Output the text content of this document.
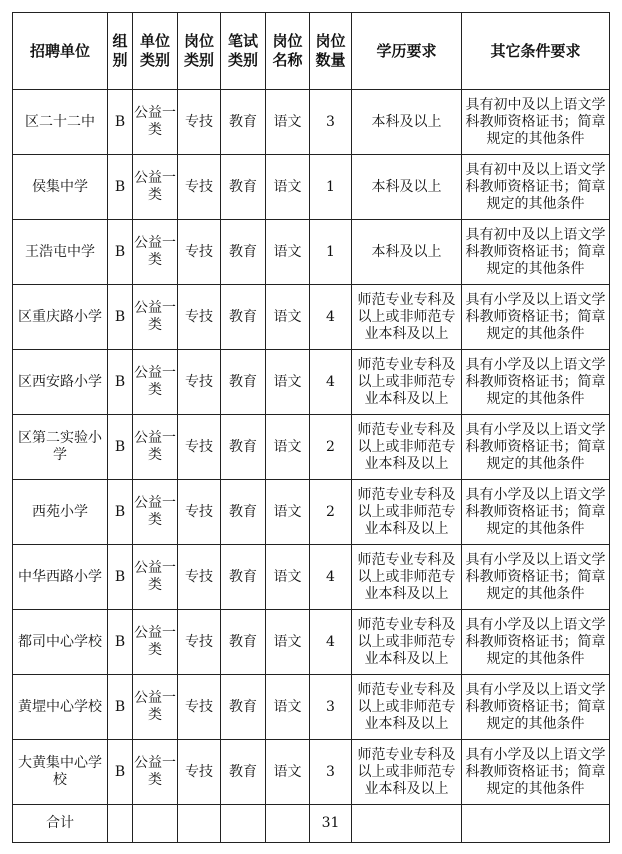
招聘单位	组别	单位类别	岗位类别	笔试类别	岗位名称	岗位数量	学历要求	其它条件要求
区二十二中	B	公益一类	专技	教育	语文	3	本科及以上	具有初中及以上语文学科教师资格证书；简章规定的其他条件
侯集中学	B	公益一类	专技	教育	语文	1	本科及以上	具有初中及以上语文学科教师资格证书；简章规定的其他条件
王浩屯中学	B	公益一类	专技	教育	语文	1	本科及以上	具有初中及以上语文学科教师资格证书；简章规定的其他条件
区重庆路小学	B	公益一类	专技	教育	语文	4	师范专业专科及以上或非师范专业本科及以上	具有小学及以上语文学科教师资格证书；简章规定的其他条件
区西安路小学	B	公益一类	专技	教育	语文	4	师范专业专科及以上或非师范专业本科及以上	具有小学及以上语文学科教师资格证书；简章规定的其他条件
区第二实验小学	B	公益一类	专技	教育	语文	2	师范专业专科及以上或非师范专业本科及以上	具有小学及以上语文学科教师资格证书；简章规定的其他条件
西苑小学	B	公益一类	专技	教育	语文	2	师范专业专科及以上或非师范专业本科及以上	具有小学及以上语文学科教师资格证书；简章规定的其他条件
中华西路小学	B	公益一类	专技	教育	语文	4	师范专业专科及以上或非师范专业本科及以上	具有小学及以上语文学科教师资格证书；简章规定的其他条件
都司中心学校	B	公益一类	专技	教育	语文	4	师范专业专科及以上或非师范专业本科及以上	具有小学及以上语文学科教师资格证书；简章规定的其他条件
黄堽中心学校	B	公益一类	专技	教育	语文	3	师范专业专科及以上或非师范专业本科及以上	具有小学及以上语文学科教师资格证书；简章规定的其他条件
大黄集中心学校	B	公益一类	专技	教育	语文	3	师范专业专科及以上或非师范专业本科及以上	具有小学及以上语文学科教师资格证书；简章规定的其他条件
合计						31		
